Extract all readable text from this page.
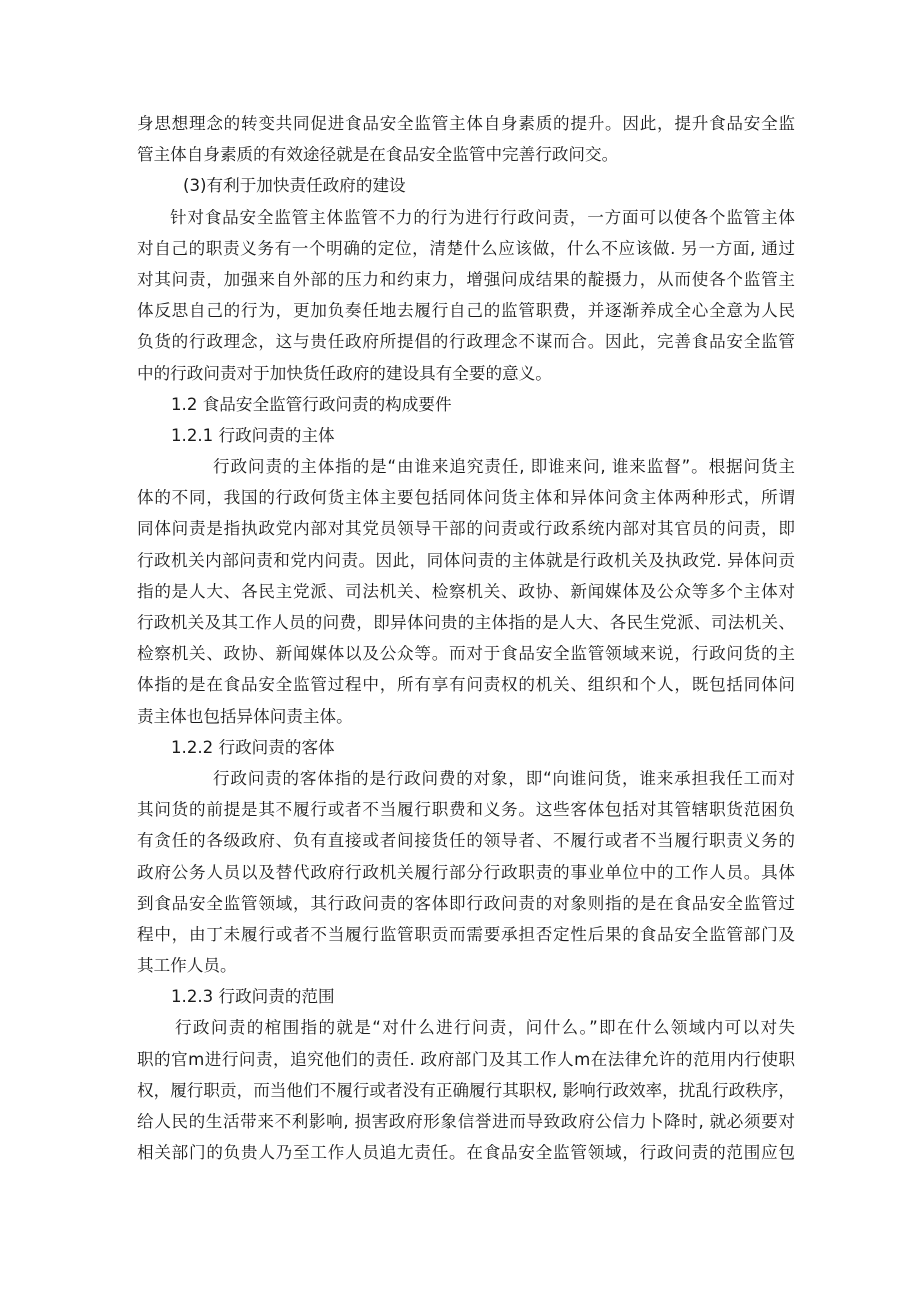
身思想理念的转变共同促进食品安全监管主体自身素质的提升。因此，提升食品安全监
管主体自身素质的有效途径就是在食品安全监管中完善行政问交。
(3)有利于加快责任政府的建设
针对食品安全监管主体监管不力的行为进行行政问责，一方面可以使各个监管主体
对自己的职责义务有一个明确的定位，清楚什么应该做，什么不应该做. 另一方面, 通过
对其问责，加强来自外部的压力和约束力，增强问成结果的靛摄力，从而使各个监管主
体反思自己的行为，更加负奏任地去履行自己的监管职费，并逐渐养成全心全意为人民
负货的行政理念，这与贵任政府所提倡的行政理念不谋而合。因此，完善食品安全监管
中的行政问责对于加快货任政府的建设具有全要的意义。
1.2 食品安全监管行政问责的构成要件
1.2.1 行政问责的主体
行政问责的主体指的是“由谁来追究责任, 即谁来问, 谁来监督”。根据问货主
体的不同，我国的行政何货主体主要包括同体问货主体和异体问贪主体两种形式，所谓
同体问责是指执政党内部对其党员领导干部的问责或行政系统内部对其官员的问责，即
行政机关内部问责和党内问责。因此，同体问责的主体就是行政机关及执政党. 异体问贡
指的是人大、各民主党派、司法机关、检察机关、政协、新闻媒体及公众等多个主体对
行政机关及其工作人员的问费，即异体问贵的主体指的是人大、各民生党派、司法机关、
检察机关、政协、新闻媒体以及公众等。而对于食品安全监管领域来说，行政问货的主
体指的是在食品安全监管过程中，所有享有问责权的机关、组织和个人，既包括同体问
责主体也包括异体问责主体。
1.2.2 行政问责的客体
行政问责的客体指的是行政问费的对象，即“向谁问货，谁来承担我任工而对
其问货的前提是其不履行或者不当履行职费和义务。这些客体包括对其管辖职货范困负
有贪任的各级政府、负有直接或者间接货任的领导者、不履行或者不当履行职责义务的
政府公务人员以及替代政府行政机关履行部分行政职责的事业单位中的工作人员。具体
到食品安全监管领域，其行政问责的客体即行政问责的对象则指的是在食品安全监管过
程中，由丁未履行或者不当履行监管职贡而需要承担否定性后果的食品安全监管部门及
其工作人员。
1.2.3 行政问责的范围
行政问责的棺围指的就是“对什么进行问责，问什么。”即在什么领域内可以对失
职的官m进行问责，追究他们的责任. 政府部门及其工作人m在法律允许的范用内行使职
权，履行职贡，而当他们不履行或者没有正确履行其职权, 影响行政效率，扰乱行政秩序，
给人民的生活带来不利影响, 损害政府形象信誉进而导致政府公信力卜降时, 就必须要对
相关部门的负贵人乃至工作人员追尢责任。在食品安全监管领域，行政问责的范围应包
